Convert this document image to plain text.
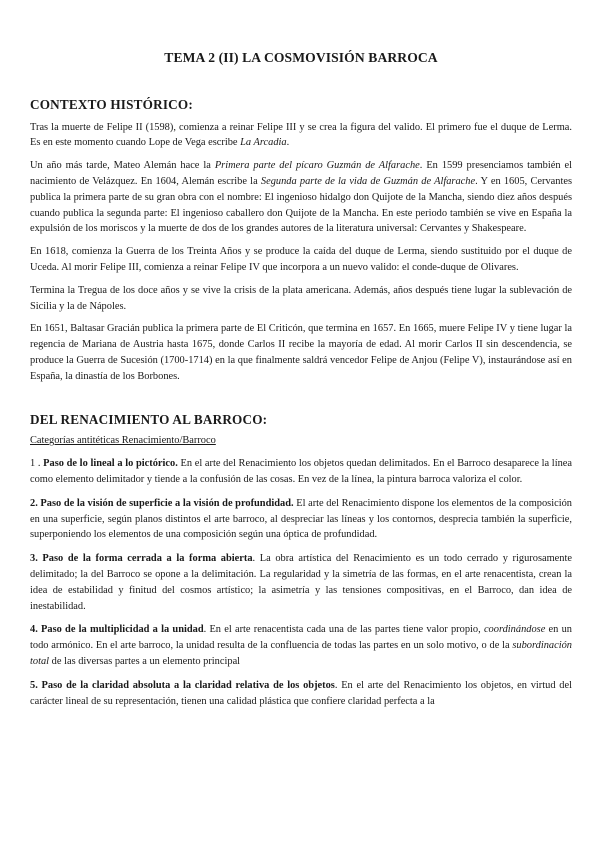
TEMA 2 (II) LA COSMOVISIÓN BARROCA
CONTEXTO HISTÓRICO:

Tras la muerte de Felipe II (1598), comienza a reinar Felipe III y se crea la figura del valido. El primero fue el duque de Lerma. Es en este momento cuando Lope de Vega escribe La Arcadia.

Un año más tarde, Mateo Alemán hace la Primera parte del pícaro Guzmán de Alfarache. En 1599 presenciamos también el nacimiento de Velázquez. En 1604, Alemán escribe la Segunda parte de la vida de Guzmán de Alfarache. Y en 1605, Cervantes publica la primera parte de su gran obra con el nombre: El ingenioso hidalgo don Quijote de la Mancha, siendo diez años después cuando publica la segunda parte: El ingenioso caballero don Quijote de la Mancha. En este periodo también se vive en España la expulsión de los moriscos y la muerte de dos de los grandes autores de la literatura universal: Cervantes y Shakespeare.

En 1618, comienza la Guerra de los Treinta Años y se produce la caída del duque de Lerma, siendo sustituido por el duque de Uceda. Al morir Felipe III, comienza a reinar Felipe IV que incorpora a un nuevo valido: el conde-duque de Olivares.

Termina la Tregua de los doce años y se vive la crisis de la plata americana. Además, años después tiene lugar la sublevación de Sicilia y la de Nápoles.

En 1651, Baltasar Gracián publica la primera parte de El Criticón, que termina en 1657. En 1665, muere Felipe IV y tiene lugar la regencia de Mariana de Austria hasta 1675, donde Carlos II recibe la mayoría de edad. Al morir Carlos II sin descendencia, se produce la Guerra de Sucesión (1700-1714) en la que finalmente saldrá vencedor Felipe de Anjou (Felipe V), instaurándose así en España, la dinastía de los Borbones.

DEL RENACIMIENTO AL BARROCO:
Categorías antitéticas Renacimiento/Barroco

1 . Paso de lo lineal a lo pictórico. En el arte del Renacimiento los objetos quedan delimitados. En el Barroco desaparece la línea como elemento delimitador y tiende a la confusión de las cosas. En vez de la línea, la pintura barroca valoriza el color.

2. Paso de la visión de superficie a la visión de profundidad. El arte del Renacimiento dispone los elementos de la composición en una superficie, según planos distintos el arte barroco, al despreciar las líneas y los contornos, desprecia también la superficie, superponiendo los elementos de una composición según una óptica de profundidad.

3. Paso de la forma cerrada a la forma abierta. La obra artística del Renacimiento es un todo cerrado y rigurosamente delimitado; la del Barroco se opone a la delimitación. La regularidad y la simetría de las formas, en el arte renacentista, crean la idea de estabilidad y finitud del cosmos artístico; la asimetría y las tensiones compositivas, en el Barroco, dan idea de inestabilidad.

4. Paso de la multiplicidad a la unidad. En el arte renacentista cada una de las partes tiene valor propio, coordinándose en un todo armónico. En el arte barroco, la unidad resulta de la confluencia de todas las partes en un solo motivo, o de la subordinación total de las diversas partes a un elemento principal

5. Paso de la claridad absoluta a la claridad relativa de los objetos. En el arte del Renacimiento los objetos, en virtud del carácter lineal de su representación, tienen una calidad plástica que confiere claridad perfecta a la
